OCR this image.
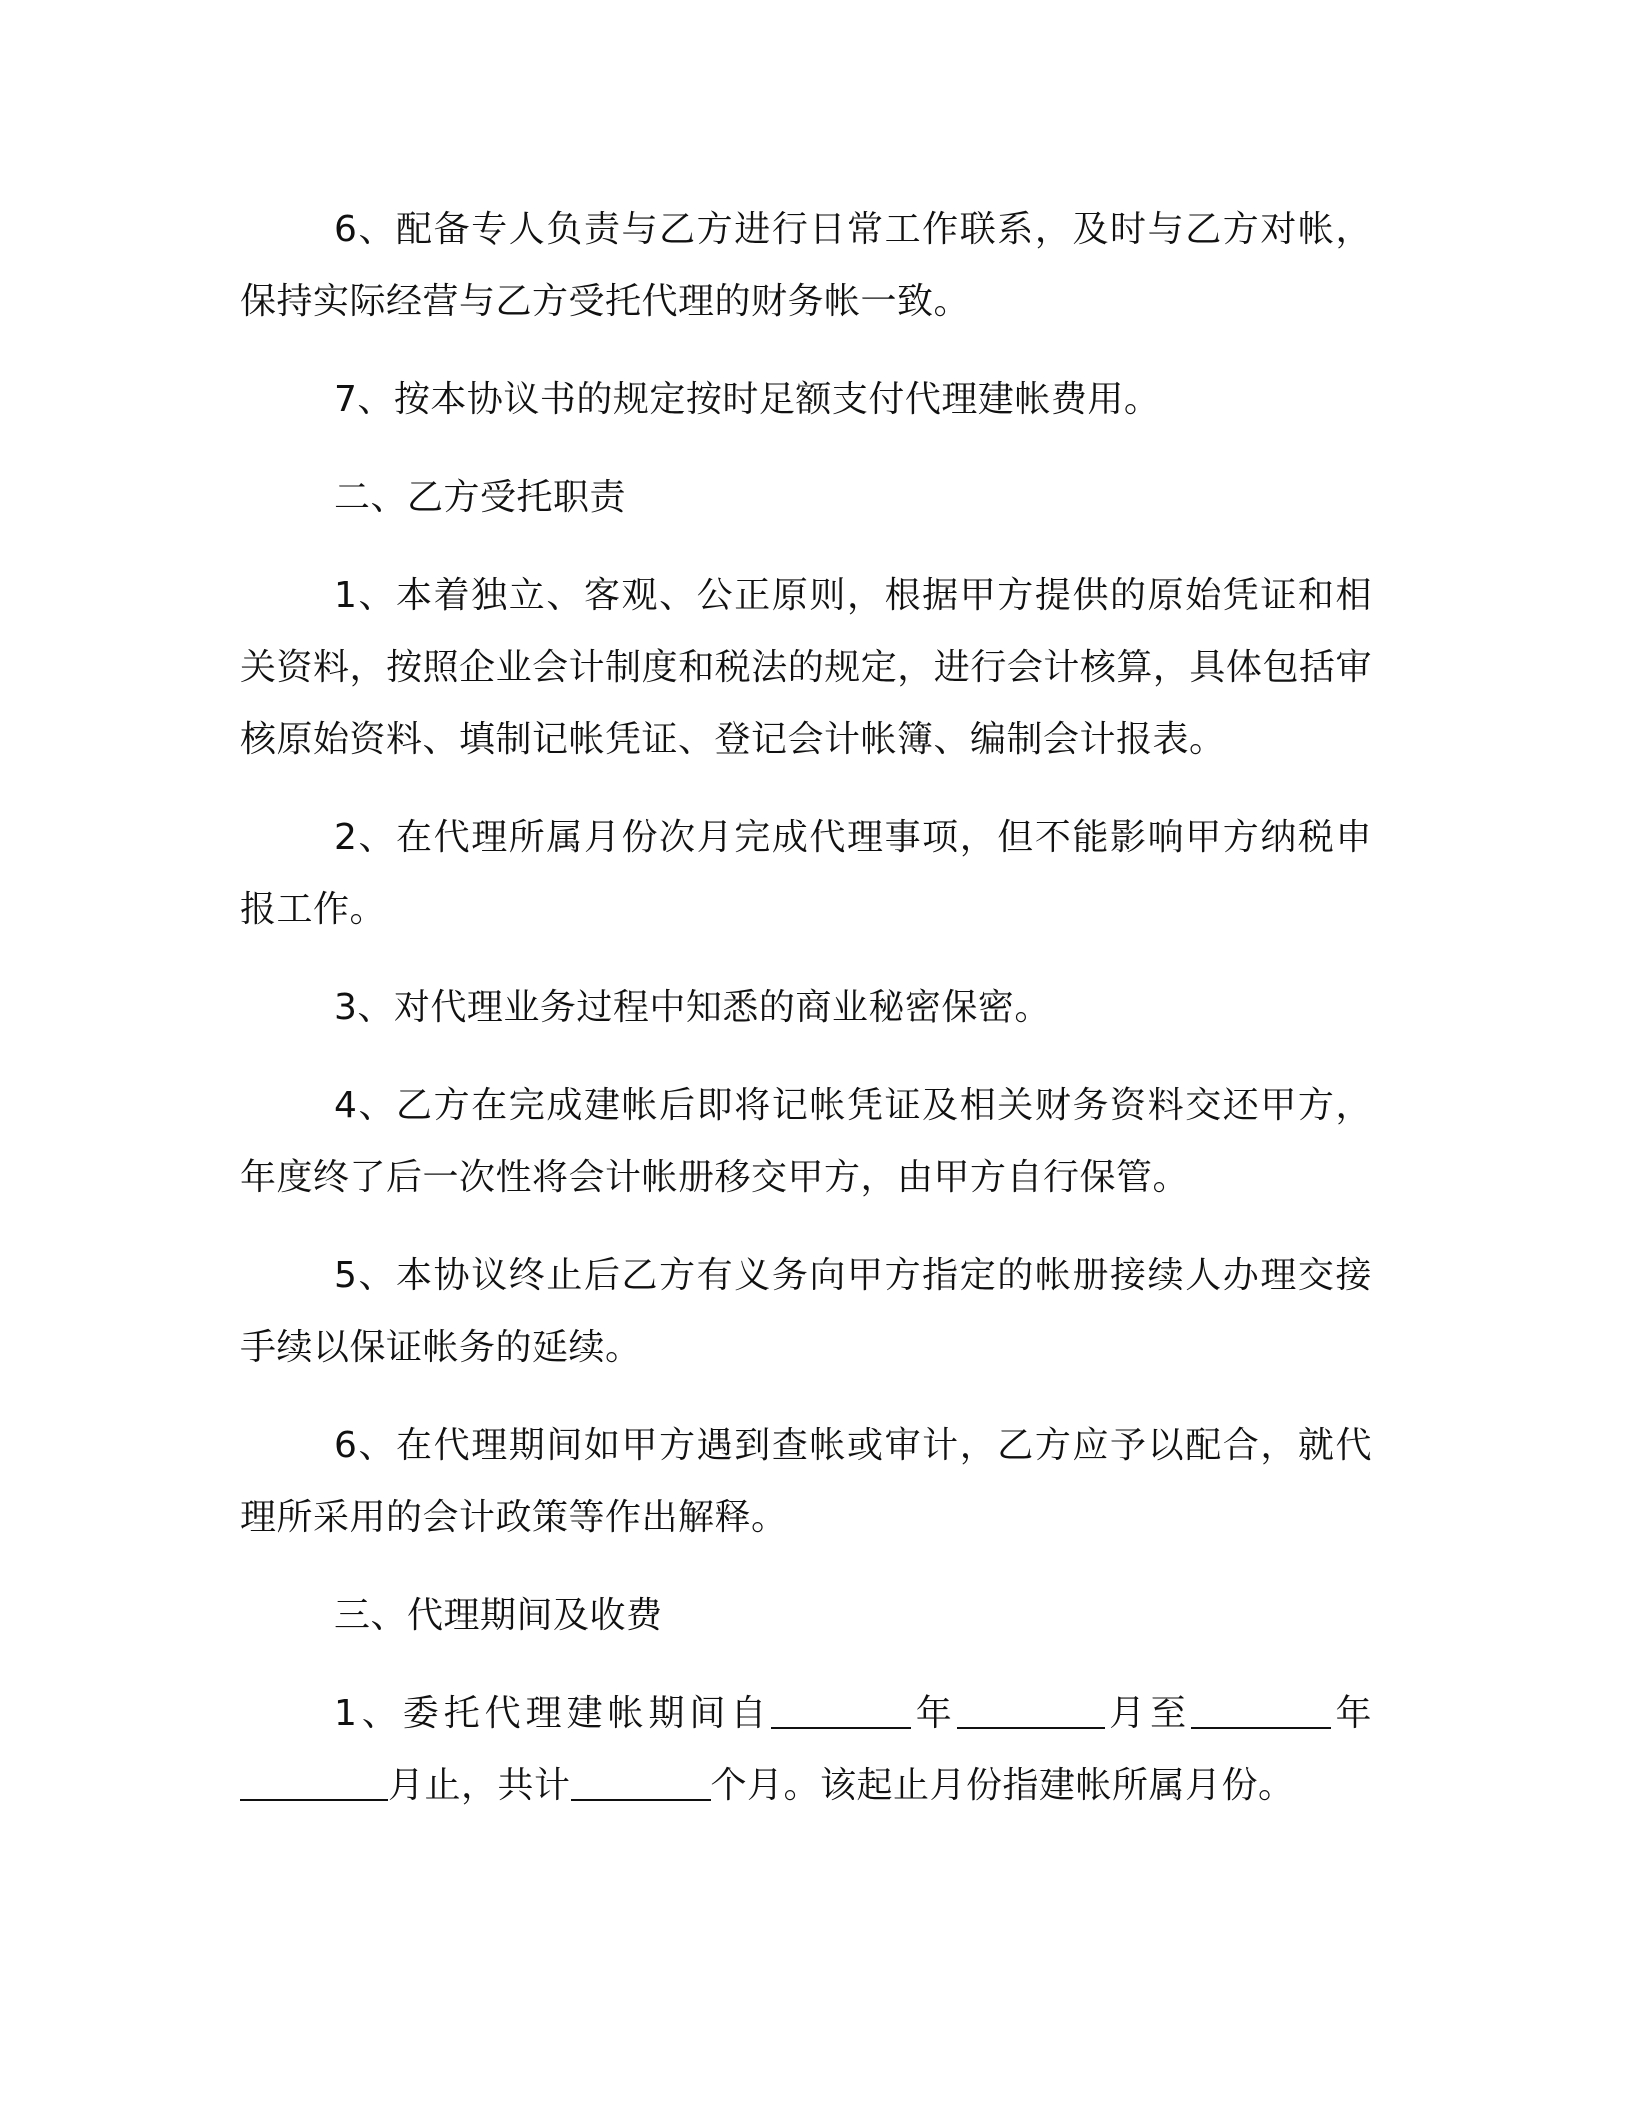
6、配备专人负责与乙方进行日常工作联系，及时与乙方对帐，保持实际经营与乙方受托代理的财务帐一致。

7、按本协议书的规定按时足额支付代理建帐费用。

二、乙方受托职责

1、本着独立、客观、公正原则，根据甲方提供的原始凭证和相关资料，按照企业会计制度和税法的规定，进行会计核算，具体包括审核原始资料、填制记帐凭证、登记会计帐簿、编制会计报表。

2、在代理所属月份次月完成代理事项，但不能影响甲方纳税申报工作。

3、对代理业务过程中知悉的商业秘密保密。

4、乙方在完成建帐后即将记帐凭证及相关财务资料交还甲方，年度终了后一次性将会计帐册移交甲方，由甲方自行保管。

5、本协议终止后乙方有义务向甲方指定的帐册接续人办理交接手续以保证帐务的延续。

6、在代理期间如甲方遇到查帐或审计，乙方应予以配合，就代理所采用的会计政策等作出解释。

三、代理期间及收费

1、委托代理建帐期间自	年	月至	年月止，共计	个月。该起止月份指建帐所属月份。
